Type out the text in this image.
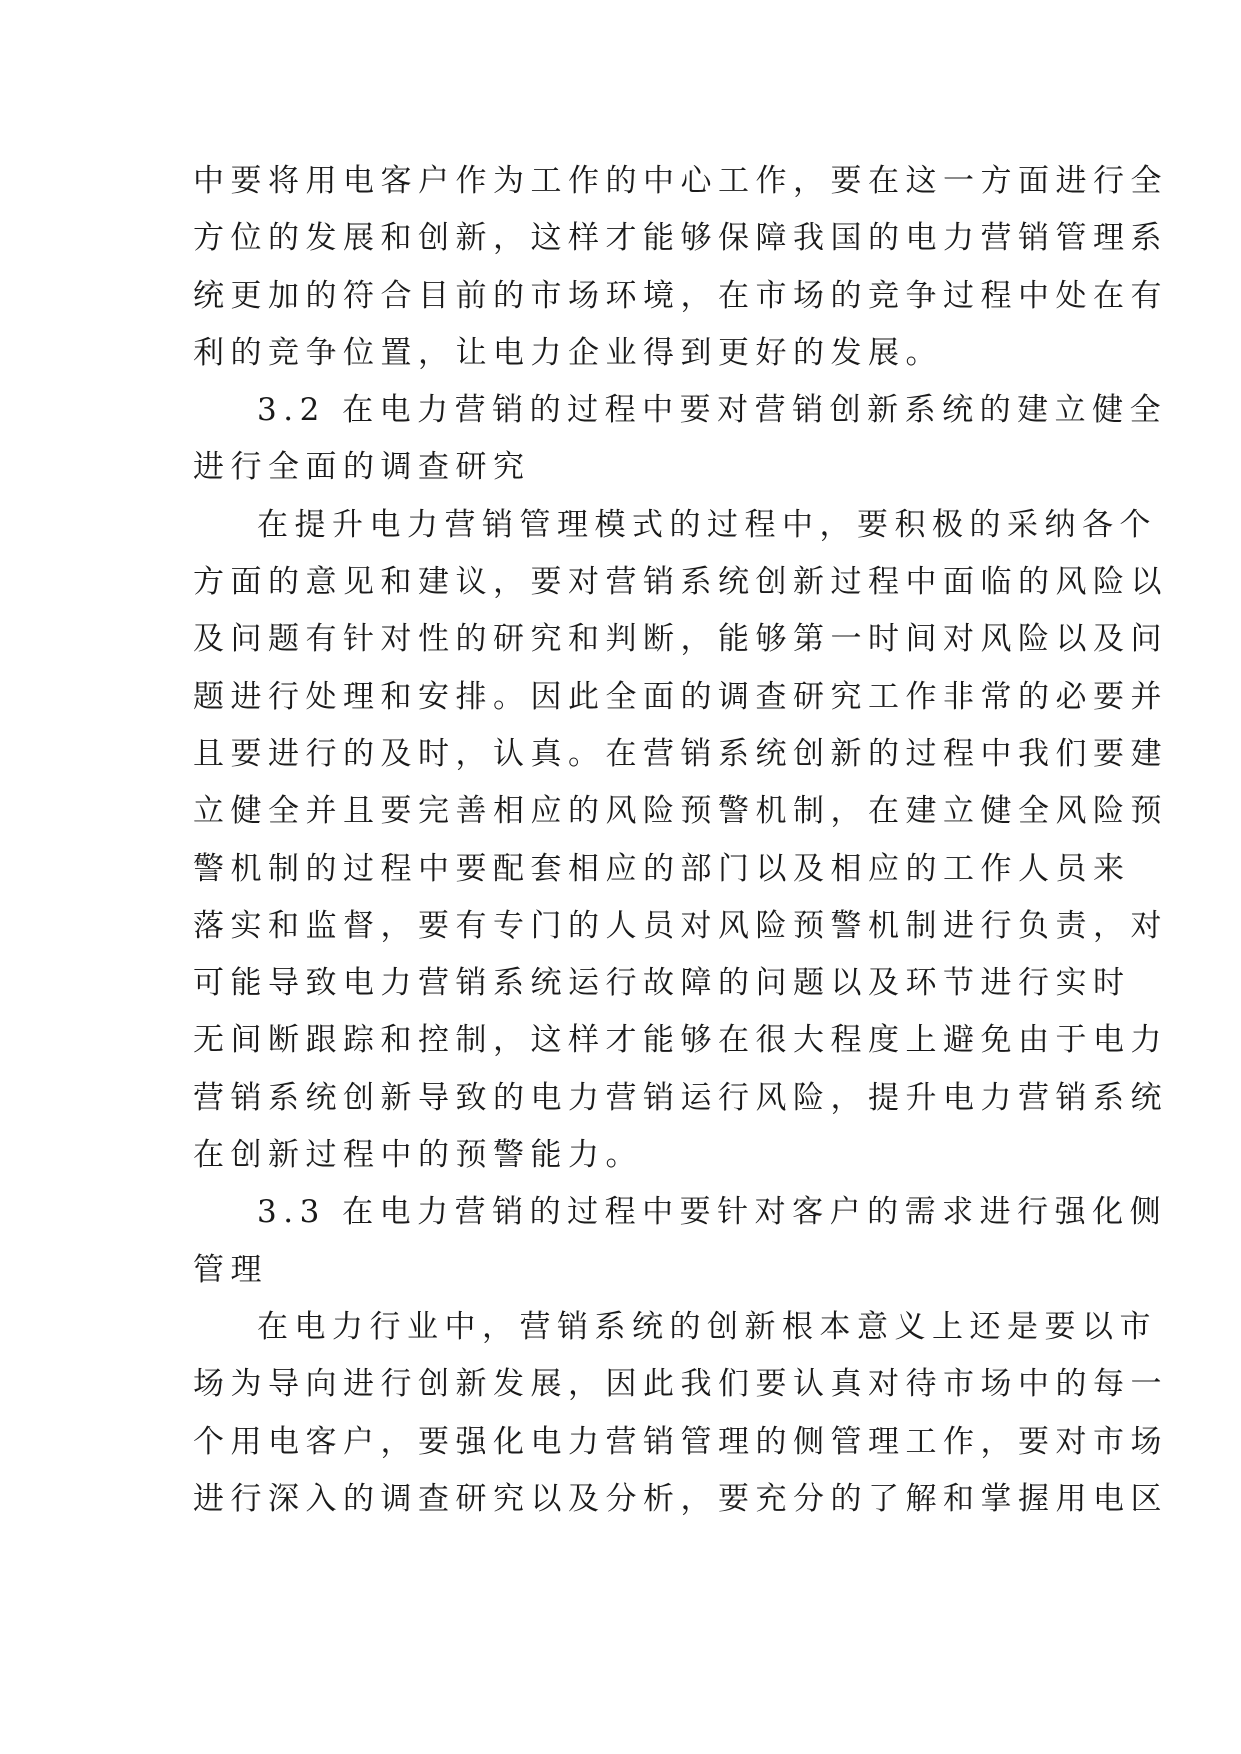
中要将用电客户作为工作的中心工作，要在这一方面进行全
方位的发展和创新，这样才能够保障我国的电力营销管理系
统更加的符合目前的市场环境，在市场的竞争过程中处在有
利的竞争位置，让电力企业得到更好的发展。
3.2 在电力营销的过程中要对营销创新系统的建立健全
进行全面的调查研究
在提升电力营销管理模式的过程中，要积极的采纳各个
方面的意见和建议，要对营销系统创新过程中面临的风险以
及问题有针对性的研究和判断，能够第一时间对风险以及问
题进行处理和安排。因此全面的调查研究工作非常的必要并
且要进行的及时，认真。在营销系统创新的过程中我们要建
立健全并且要完善相应的风险预警机制，在建立健全风险预
警机制的过程中要配套相应的部门以及相应的工作人员来
落实和监督，要有专门的人员对风险预警机制进行负责，对
可能导致电力营销系统运行故障的问题以及环节进行实时
无间断跟踪和控制，这样才能够在很大程度上避免由于电力
营销系统创新导致的电力营销运行风险，提升电力营销系统
在创新过程中的预警能力。
3.3 在电力营销的过程中要针对客户的需求进行强化侧
管理
在电力行业中，营销系统的创新根本意义上还是要以市
场为导向进行创新发展，因此我们要认真对待市场中的每一
个用电客户，要强化电力营销管理的侧管理工作，要对市场
进行深入的调查研究以及分析，要充分的了解和掌握用电区
